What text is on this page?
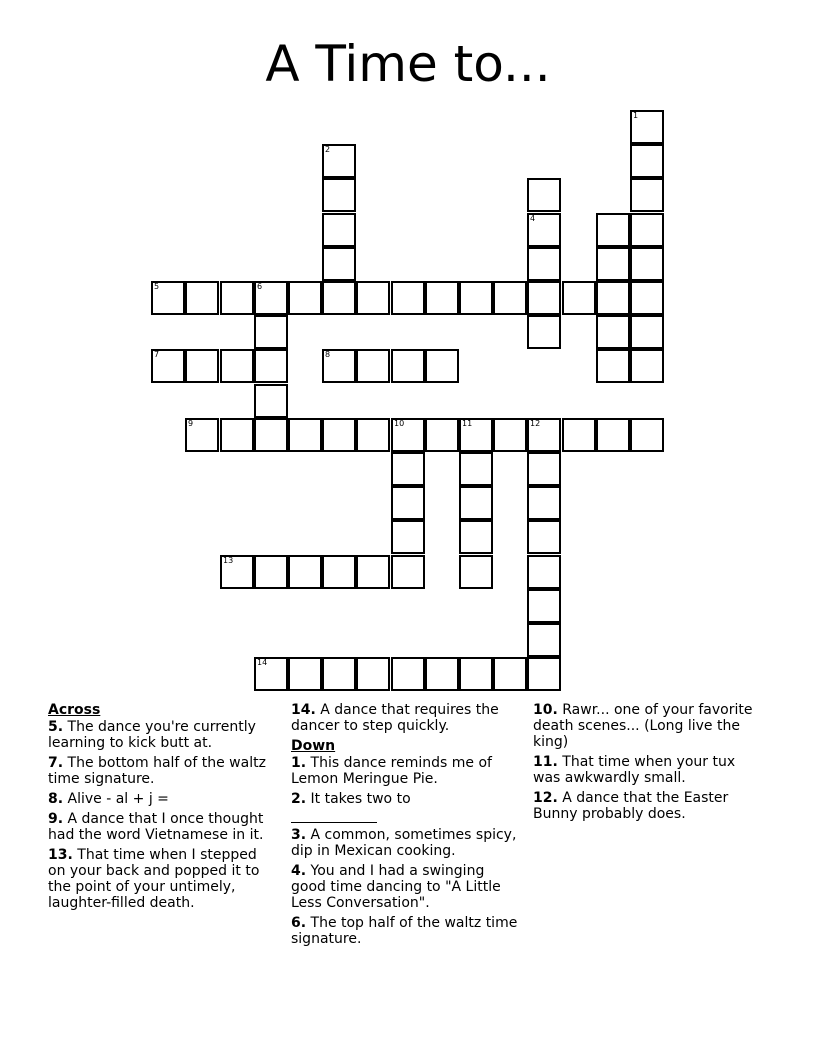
A Time to...
1
2
4
5	6
7	8
9	10	11	12
13
14
Across
5. The dance you're currently learning to kick butt at.
7. The bottom half of the waltz time signature.
8. Alive - al + j =
9. A dance that I once thought had the word Vietnamese in it.
13. That time when I stepped on your back and popped it to the point of your untimely, laughter-filled death.
14. A dance that requires the dancer to step quickly.
Down
1. This dance reminds me of Lemon Meringue Pie.
2. It takes two to

3. A common, sometimes spicy, dip in Mexican cooking.
4. You and I had a swinging good time dancing to "A Little Less Conversation".
6. The top half of the waltz time signature.
10. Rawr... one of your favorite death scenes... (Long live the king)
11. That time when your tux was awkwardly small.
12. A dance that the Easter Bunny probably does.
